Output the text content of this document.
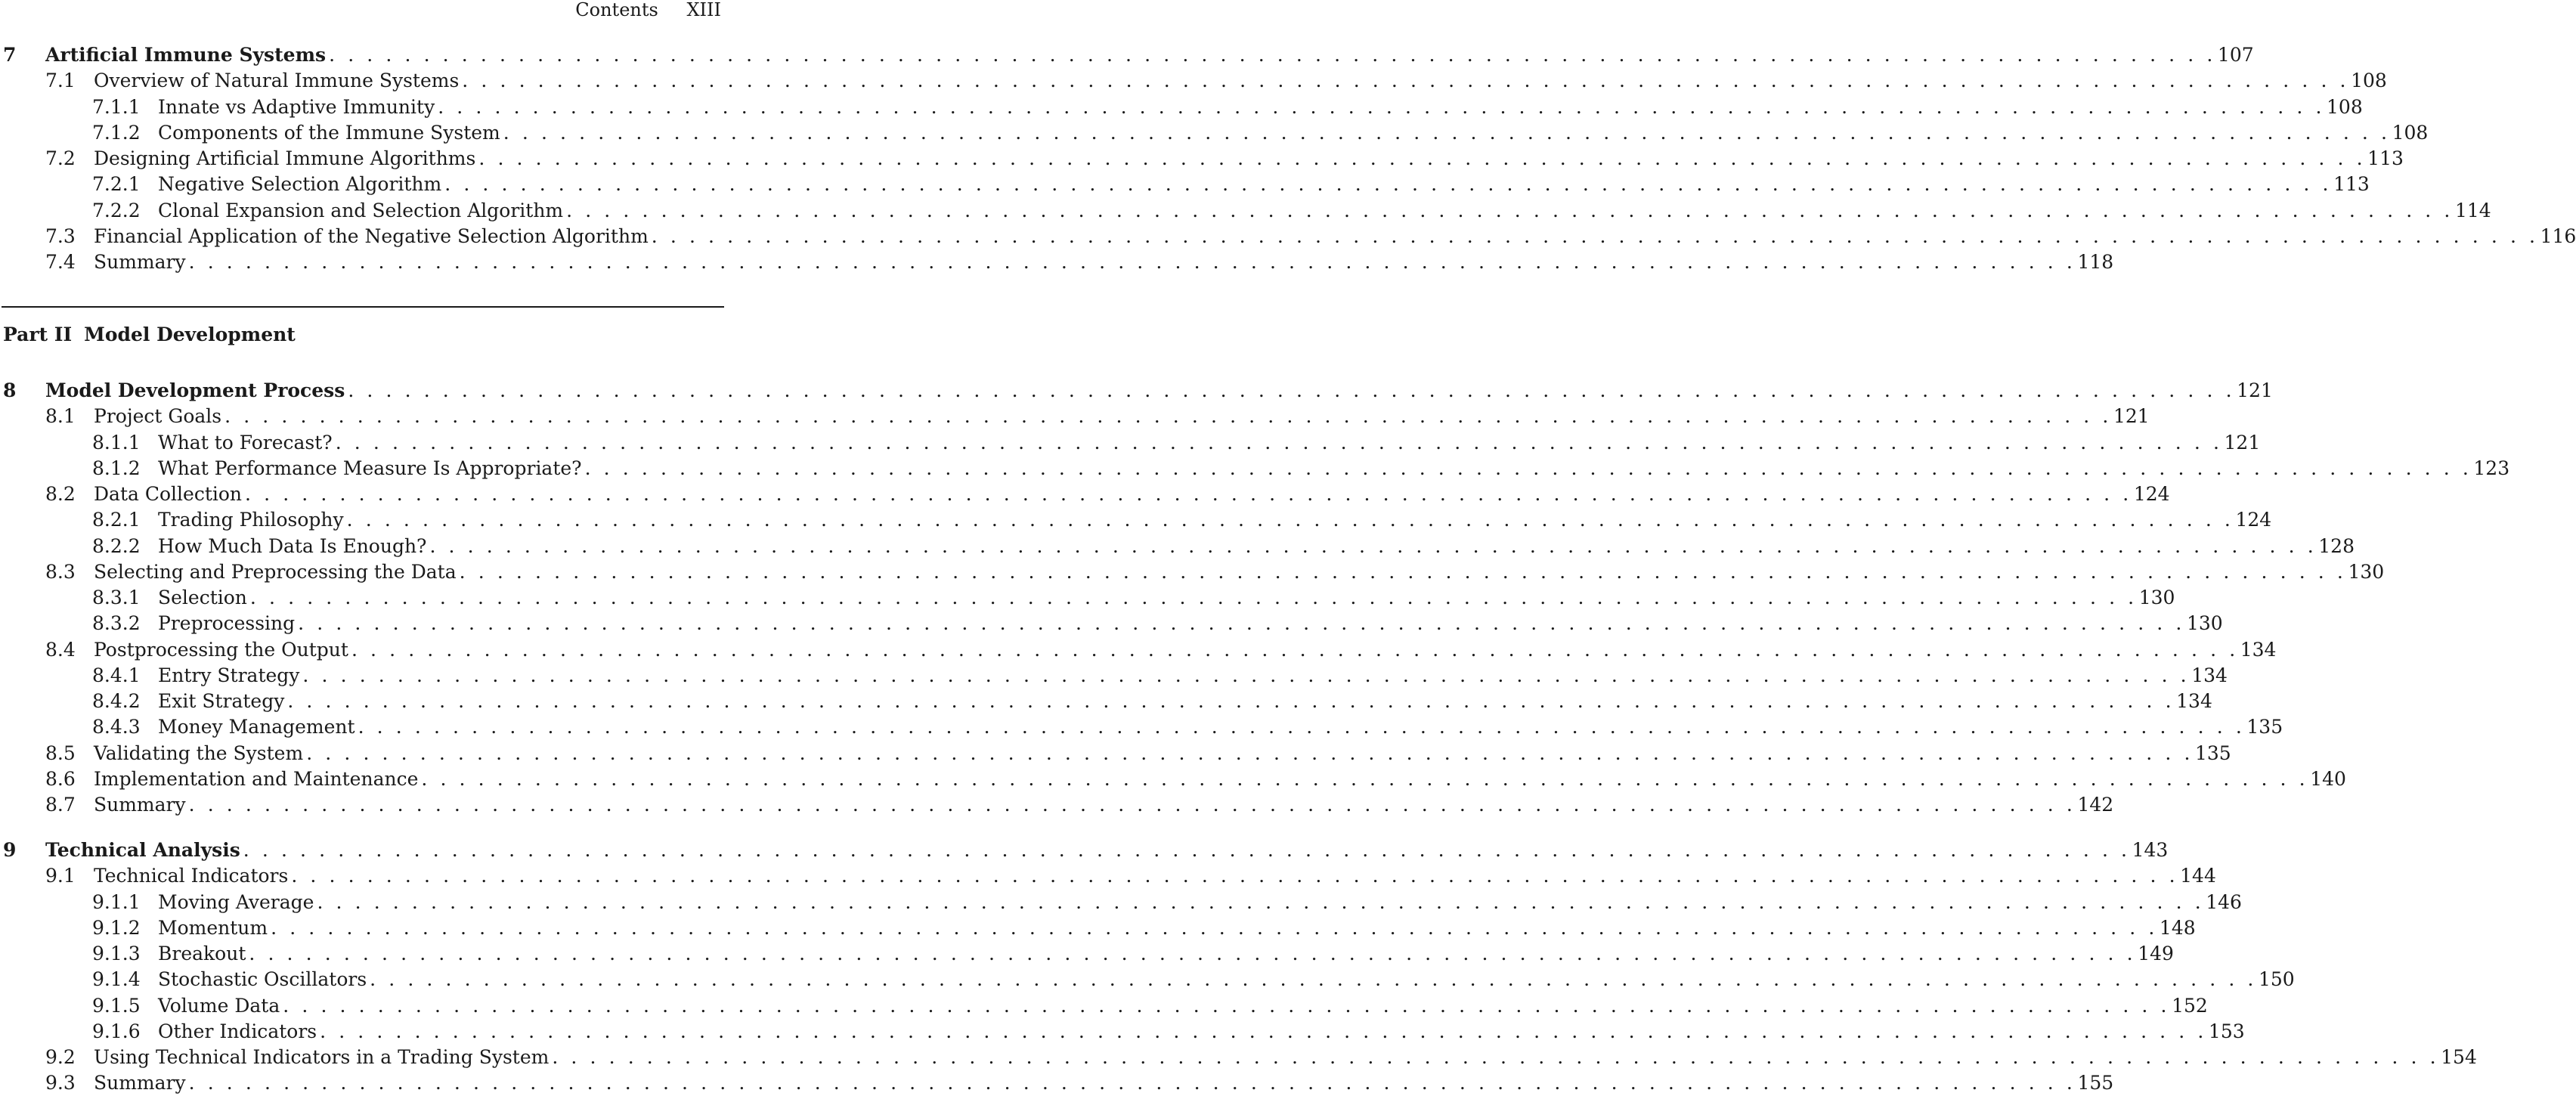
Contents XIII
7	Artificial Immune Systems . . . . . . . . . . . . . . . . . . . . . . . . . . . . . . . . . . . . . . . . . . . . . . . . . . . . . . . . . . . . . . . . . . . . . . . . . . . . . . . . . . . . . . . . . . . . . . . . . . . . 107
7.1 Overview of Natural Immune Systems . . . . . . . . . . . . . . . . . . . . . . . . . . . . . . . . . . . . . . . . . . . . . . . . . . . . . . . . . . . . . . . . . . . . . . . . . . . . . . . . . . . . . . . . . . . . . . . . . . . . 108
7.1.1 Innate vs Adaptive Immunity . . . . . . . . . . . . . . . . . . . . . . . . . . . . . . . . . . . . . . . . . . . . . . . . . . . . . . . . . . . . . . . . . . . . . . . . . . . . . . . . . . . . . . . . . . . . . . . . . . . . 108
7.1.2 Components of the Immune System . . . . . . . . . . . . . . . . . . . . . . . . . . . . . . . . . . . . . . . . . . . . . . . . . . . . . . . . . . . . . . . . . . . . . . . . . . . . . . . . . . . . . . . . . . . . . . . . . . . . 108
7.2 Designing Artificial Immune Algorithms . . . . . . . . . . . . . . . . . . . . . . . . . . . . . . . . . . . . . . . . . . . . . . . . . . . . . . . . . . . . . . . . . . . . . . . . . . . . . . . . . . . . . . . . . . . . . . . . . . . . 113
7.2.1 Negative Selection Algorithm . . . . . . . . . . . . . . . . . . . . . . . . . . . . . . . . . . . . . . . . . . . . . . . . . . . . . . . . . . . . . . . . . . . . . . . . . . . . . . . . . . . . . . . . . . . . . . . . . . . . 113
7.2.2 Clonal Expansion and Selection Algorithm . . . . . . . . . . . . . . . . . . . . . . . . . . . . . . . . . . . . . . . . . . . . . . . . . . . . . . . . . . . . . . . . . . . . . . . . . . . . . . . . . . . . . . . . . . . . . . . . . . . . 114
7.3 Financial Application of the Negative Selection Algorithm . . . . . . . . . . . . . . . . . . . . . . . . . . . . . . . . . . . . . . . . . . . . . . . . . . . . . . . . . . . . . . . . . . . . . . . . . . . . . . . . . . . . . . . . . . . . . . . . . . . . 116
7.4 Summary . . . . . . . . . . . . . . . . . . . . . . . . . . . . . . . . . . . . . . . . . . . . . . . . . . . . . . . . . . . . . . . . . . . . . . . . . . . . . . . . . . . . . . . . . . . . . . . . . . . . 118
Part II Model Development
8	Model Development Process . . . . . . . . . . . . . . . . . . . . . . . . . . . . . . . . . . . . . . . . . . . . . . . . . . . . . . . . . . . . . . . . . . . . . . . . . . . . . . . . . . . . . . . . . . . . . . . . . . . . 121
8.1 Project Goals . . . . . . . . . . . . . . . . . . . . . . . . . . . . . . . . . . . . . . . . . . . . . . . . . . . . . . . . . . . . . . . . . . . . . . . . . . . . . . . . . . . . . . . . . . . . . . . . . . . . 121
8.1.1 What to Forecast? . . . . . . . . . . . . . . . . . . . . . . . . . . . . . . . . . . . . . . . . . . . . . . . . . . . . . . . . . . . . . . . . . . . . . . . . . . . . . . . . . . . . . . . . . . . . . . . . . . . . 121
8.1.2 What Performance Measure Is Appropriate? . . . . . . . . . . . . . . . . . . . . . . . . . . . . . . . . . . . . . . . . . . . . . . . . . . . . . . . . . . . . . . . . . . . . . . . . . . . . . . . . . . . . . . . . . . . . . . . . . . . . 123
8.2 Data Collection . . . . . . . . . . . . . . . . . . . . . . . . . . . . . . . . . . . . . . . . . . . . . . . . . . . . . . . . . . . . . . . . . . . . . . . . . . . . . . . . . . . . . . . . . . . . . . . . . . . . 124
8.2.1 Trading Philosophy . . . . . . . . . . . . . . . . . . . . . . . . . . . . . . . . . . . . . . . . . . . . . . . . . . . . . . . . . . . . . . . . . . . . . . . . . . . . . . . . . . . . . . . . . . . . . . . . . . . . 124
8.2.2 How Much Data Is Enough? . . . . . . . . . . . . . . . . . . . . . . . . . . . . . . . . . . . . . . . . . . . . . . . . . . . . . . . . . . . . . . . . . . . . . . . . . . . . . . . . . . . . . . . . . . . . . . . . . . . . 128
8.3 Selecting and Preprocessing the Data . . . . . . . . . . . . . . . . . . . . . . . . . . . . . . . . . . . . . . . . . . . . . . . . . . . . . . . . . . . . . . . . . . . . . . . . . . . . . . . . . . . . . . . . . . . . . . . . . . . . 130
8.3.1 Selection . . . . . . . . . . . . . . . . . . . . . . . . . . . . . . . . . . . . . . . . . . . . . . . . . . . . . . . . . . . . . . . . . . . . . . . . . . . . . . . . . . . . . . . . . . . . . . . . . . . . 130
8.3.2 Preprocessing . . . . . . . . . . . . . . . . . . . . . . . . . . . . . . . . . . . . . . . . . . . . . . . . . . . . . . . . . . . . . . . . . . . . . . . . . . . . . . . . . . . . . . . . . . . . . . . . . . . . 130
8.4 Postprocessing the Output . . . . . . . . . . . . . . . . . . . . . . . . . . . . . . . . . . . . . . . . . . . . . . . . . . . . . . . . . . . . . . . . . . . . . . . . . . . . . . . . . . . . . . . . . . . . . . . . . . . . 134
8.4.1 Entry Strategy . . . . . . . . . . . . . . . . . . . . . . . . . . . . . . . . . . . . . . . . . . . . . . . . . . . . . . . . . . . . . . . . . . . . . . . . . . . . . . . . . . . . . . . . . . . . . . . . . . . . 134
8.4.2 Exit Strategy . . . . . . . . . . . . . . . . . . . . . . . . . . . . . . . . . . . . . . . . . . . . . . . . . . . . . . . . . . . . . . . . . . . . . . . . . . . . . . . . . . . . . . . . . . . . . . . . . . . . 134
8.4.3 Money Management . . . . . . . . . . . . . . . . . . . . . . . . . . . . . . . . . . . . . . . . . . . . . . . . . . . . . . . . . . . . . . . . . . . . . . . . . . . . . . . . . . . . . . . . . . . . . . . . . . . . 135
8.5 Validating the System . . . . . . . . . . . . . . . . . . . . . . . . . . . . . . . . . . . . . . . . . . . . . . . . . . . . . . . . . . . . . . . . . . . . . . . . . . . . . . . . . . . . . . . . . . . . . . . . . . . . 135
8.6 Implementation and Maintenance . . . . . . . . . . . . . . . . . . . . . . . . . . . . . . . . . . . . . . . . . . . . . . . . . . . . . . . . . . . . . . . . . . . . . . . . . . . . . . . . . . . . . . . . . . . . . . . . . . . . 140
8.7 Summary . . . . . . . . . . . . . . . . . . . . . . . . . . . . . . . . . . . . . . . . . . . . . . . . . . . . . . . . . . . . . . . . . . . . . . . . . . . . . . . . . . . . . . . . . . . . . . . . . . . . 142
9	Technical Analysis . . . . . . . . . . . . . . . . . . . . . . . . . . . . . . . . . . . . . . . . . . . . . . . . . . . . . . . . . . . . . . . . . . . . . . . . . . . . . . . . . . . . . . . . . . . . . . . . . . . . 143
9.1 Technical Indicators . . . . . . . . . . . . . . . . . . . . . . . . . . . . . . . . . . . . . . . . . . . . . . . . . . . . . . . . . . . . . . . . . . . . . . . . . . . . . . . . . . . . . . . . . . . . . . . . . . . . 144
9.1.1 Moving Average . . . . . . . . . . . . . . . . . . . . . . . . . . . . . . . . . . . . . . . . . . . . . . . . . . . . . . . . . . . . . . . . . . . . . . . . . . . . . . . . . . . . . . . . . . . . . . . . . . . . 146
9.1.2 Momentum . . . . . . . . . . . . . . . . . . . . . . . . . . . . . . . . . . . . . . . . . . . . . . . . . . . . . . . . . . . . . . . . . . . . . . . . . . . . . . . . . . . . . . . . . . . . . . . . . . . . 148
9.1.3 Breakout . . . . . . . . . . . . . . . . . . . . . . . . . . . . . . . . . . . . . . . . . . . . . . . . . . . . . . . . . . . . . . . . . . . . . . . . . . . . . . . . . . . . . . . . . . . . . . . . . . . . 149
9.1.4 Stochastic Oscillators . . . . . . . . . . . . . . . . . . . . . . . . . . . . . . . . . . . . . . . . . . . . . . . . . . . . . . . . . . . . . . . . . . . . . . . . . . . . . . . . . . . . . . . . . . . . . . . . . . . . 150
9.1.5 Volume Data . . . . . . . . . . . . . . . . . . . . . . . . . . . . . . . . . . . . . . . . . . . . . . . . . . . . . . . . . . . . . . . . . . . . . . . . . . . . . . . . . . . . . . . . . . . . . . . . . . . . 152
9.1.6 Other Indicators . . . . . . . . . . . . . . . . . . . . . . . . . . . . . . . . . . . . . . . . . . . . . . . . . . . . . . . . . . . . . . . . . . . . . . . . . . . . . . . . . . . . . . . . . . . . . . . . . . . . 153
9.2 Using Technical Indicators in a Trading System . . . . . . . . . . . . . . . . . . . . . . . . . . . . . . . . . . . . . . . . . . . . . . . . . . . . . . . . . . . . . . . . . . . . . . . . . . . . . . . . . . . . . . . . . . . . . . . . . . . . 154
9.3 Summary . . . . . . . . . . . . . . . . . . . . . . . . . . . . . . . . . . . . . . . . . . . . . . . . . . . . . . . . . . . . . . . . . . . . . . . . . . . . . . . . . . . . . . . . . . . . . . . . . . . . 155
